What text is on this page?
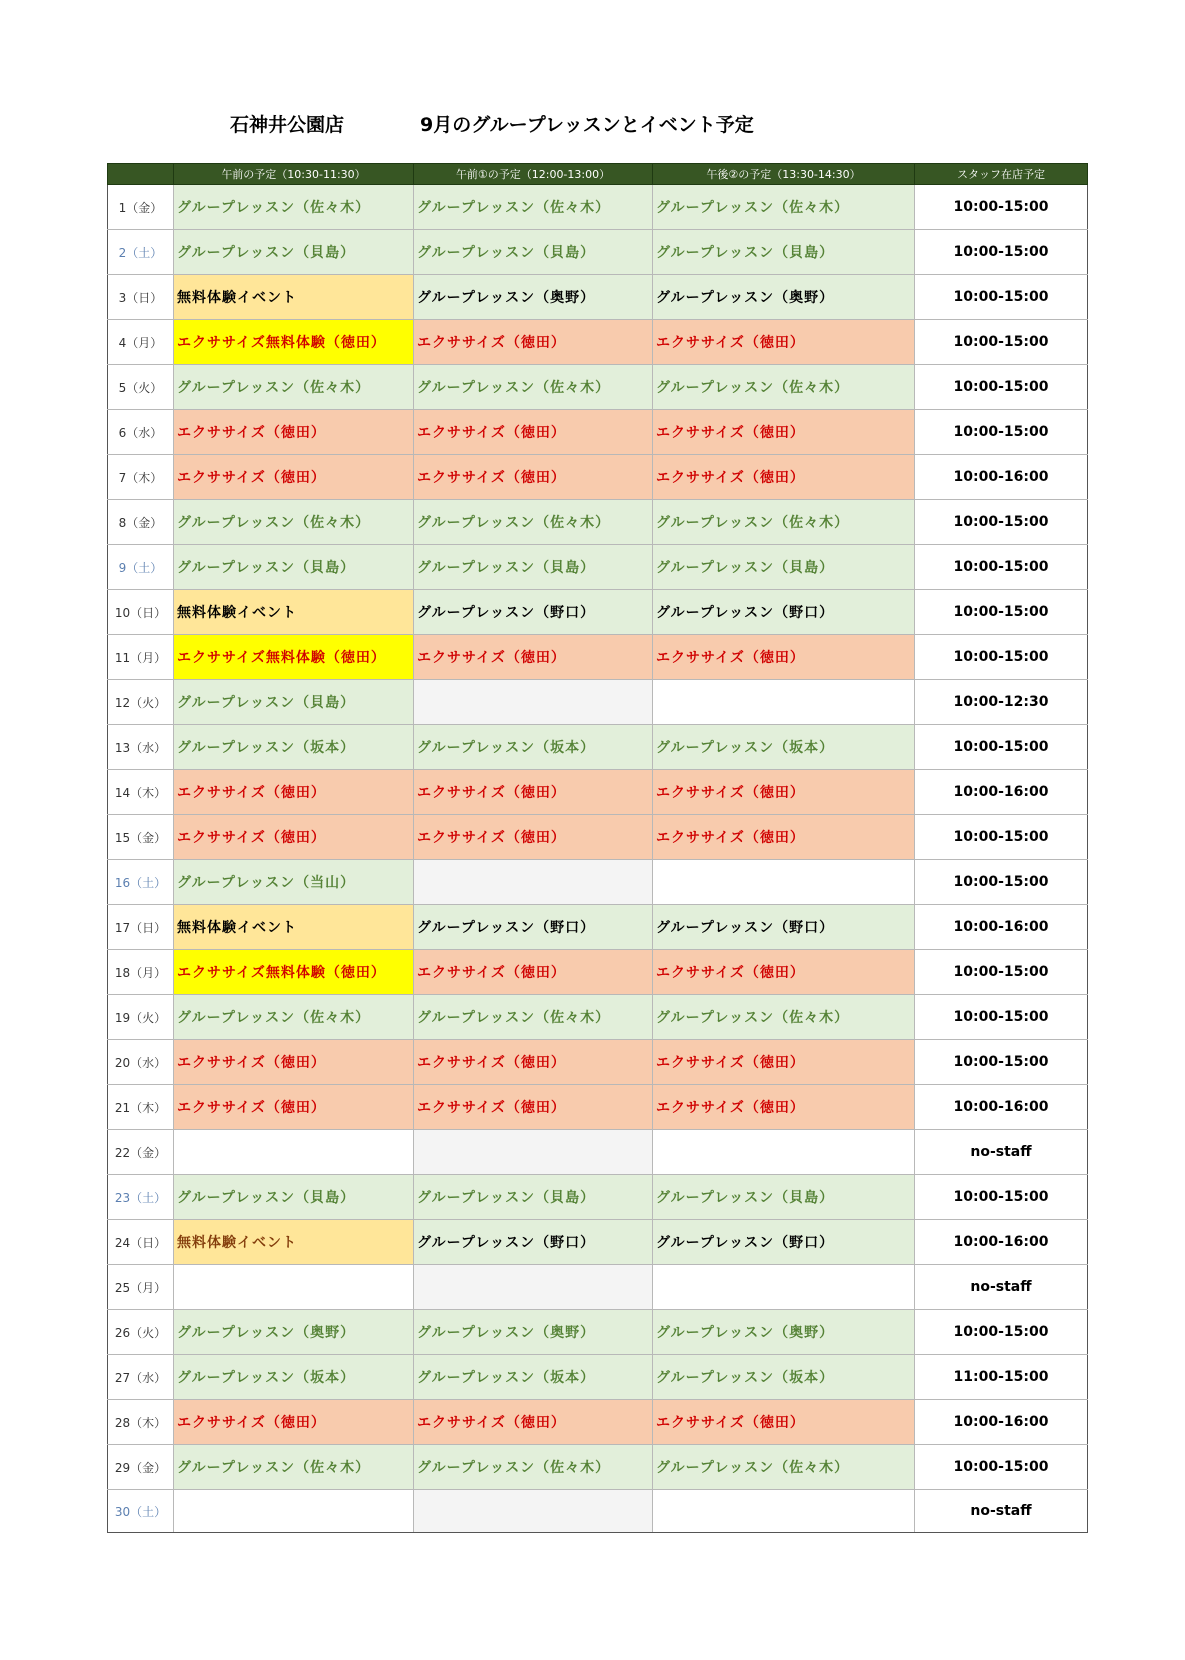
石神井公園店	9月のグループレッスンとイベント予定
	午前の予定（10:30-11:30）	午前①の予定（12:00-13:00）	午後②の予定（13:30-14:30）	スタッフ在店予定
1（金）	グループレッスン（佐々木）	グループレッスン（佐々木）	グループレッスン（佐々木）	10:00-15:00
2（土）	グループレッスン（貝島）	グループレッスン（貝島）	グループレッスン（貝島）	10:00-15:00
3（日）	無料体験イベント	グループレッスン（奥野）	グループレッスン（奥野）	10:00-15:00
4（月）	エクササイズ無料体験（徳田）	エクササイズ（徳田）	エクササイズ（徳田）	10:00-15:00
5（火）	グループレッスン（佐々木）	グループレッスン（佐々木）	グループレッスン（佐々木）	10:00-15:00
6（水）	エクササイズ（徳田）	エクササイズ（徳田）	エクササイズ（徳田）	10:00-15:00
7（木）	エクササイズ（徳田）	エクササイズ（徳田）	エクササイズ（徳田）	10:00-16:00
8（金）	グループレッスン（佐々木）	グループレッスン（佐々木）	グループレッスン（佐々木）	10:00-15:00
9（土）	グループレッスン（貝島）	グループレッスン（貝島）	グループレッスン（貝島）	10:00-15:00
10（日）	無料体験イベント	グループレッスン（野口）	グループレッスン（野口）	10:00-15:00
11（月）	エクササイズ無料体験（徳田）	エクササイズ（徳田）	エクササイズ（徳田）	10:00-15:00
12（火）	グループレッスン（貝島）			10:00-12:30
13（水）	グループレッスン（坂本）	グループレッスン（坂本）	グループレッスン（坂本）	10:00-15:00
14（木）	エクササイズ（徳田）	エクササイズ（徳田）	エクササイズ（徳田）	10:00-16:00
15（金）	エクササイズ（徳田）	エクササイズ（徳田）	エクササイズ（徳田）	10:00-15:00
16（土）	グループレッスン（当山）			10:00-15:00
17（日）	無料体験イベント	グループレッスン（野口）	グループレッスン（野口）	10:00-16:00
18（月）	エクササイズ無料体験（徳田）	エクササイズ（徳田）	エクササイズ（徳田）	10:00-15:00
19（火）	グループレッスン（佐々木）	グループレッスン（佐々木）	グループレッスン（佐々木）	10:00-15:00
20（水）	エクササイズ（徳田）	エクササイズ（徳田）	エクササイズ（徳田）	10:00-15:00
21（木）	エクササイズ（徳田）	エクササイズ（徳田）	エクササイズ（徳田）	10:00-16:00
22（金）				no-staff
23（土）	グループレッスン（貝島）	グループレッスン（貝島）	グループレッスン（貝島）	10:00-15:00
24（日）	無料体験イベント	グループレッスン（野口）	グループレッスン（野口）	10:00-16:00
25（月）				no-staff
26（火）	グループレッスン（奥野）	グループレッスン（奥野）	グループレッスン（奥野）	10:00-15:00
27（水）	グループレッスン（坂本）	グループレッスン（坂本）	グループレッスン（坂本）	11:00-15:00
28（木）	エクササイズ（徳田）	エクササイズ（徳田）	エクササイズ（徳田）	10:00-16:00
29（金）	グループレッスン（佐々木）	グループレッスン（佐々木）	グループレッスン（佐々木）	10:00-15:00
30（土）				no-staff
